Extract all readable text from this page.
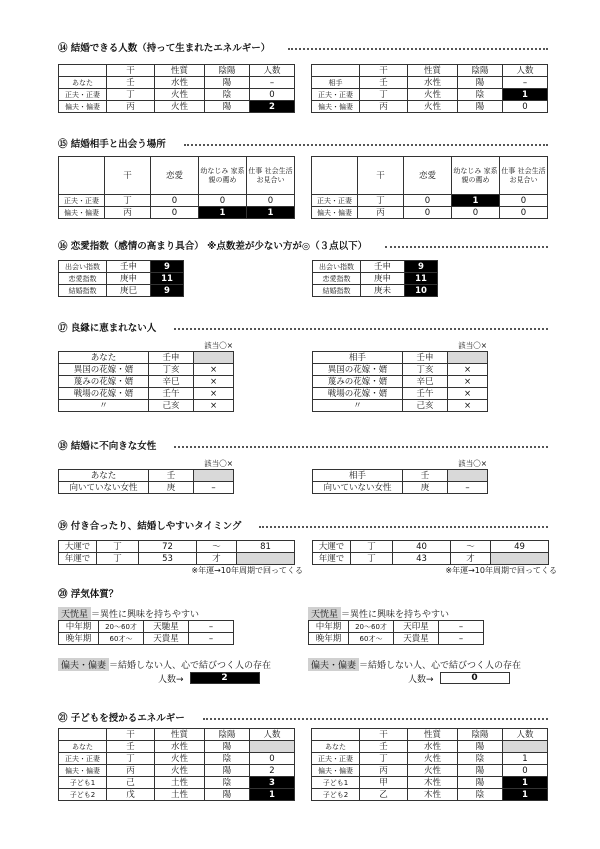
⑭ 結婚できる人数（持って生まれたエネルギー）
	干	性質	陰陽	人数
あなた	壬	水性	陽	–
正夫・正妻	丁	火性	陰	0
偏夫・偏妻	丙	火性	陽	2
	干	性質	陰陽	人数
相手	壬	水性	陽	–
正夫・正妻	丁	火性	陰	1
偏夫・偏妻	丙	火性	陽	0
⑮ 結婚相手と出会う場所
	干	恋愛	幼なじみ 家系 親の薦め	仕事 社会生活 お見合い
正夫・正妻	丁	0	0	0
偏夫・偏妻	丙	0	1	1
	干	恋愛	幼なじみ 家系 親の薦め	仕事 社会生活 お見合い
正夫・正妻	丁	0	1	0
偏夫・偏妻	丙	0	0	0
⑯ 恋愛指数（感情の高まり具合） ※点数差が少ない方が◎（３点以下）
出会い指数	壬申	9
恋愛指数	庚申	11
結婚指数	庚巳	9
出会い指数	壬申	9
恋愛指数	庚申	11
結婚指数	庚未	10
⑰ 良縁に恵まれない人
該当〇×
あなた	壬申	
異国の花嫁・婿	丁亥	×
蔑みの花嫁・婿	辛巳	×
戦場の花嫁・婿	壬午	×
〃	己亥	×
該当〇×
相手	壬申	
異国の花嫁・婿	丁亥	×
蔑みの花嫁・婿	辛巳	×
戦場の花嫁・婿	壬午	×
〃	己亥	×
⑱ 結婚に不向きな女性
該当〇×
あなた	壬	
向いていない女性	庚	–
該当〇×
相手	壬	
向いていない女性	庚	–
⑲ 付き合ったり、結婚しやすいタイミング
大運で	丁	72	〜	81
年運で	丁	53	才	
※年運→10年周期で回ってくる
大運で	丁	40	〜	49
年運で	丁	43	才	
※年運→10年周期で回ってくる
⑳ 浮気体質？
天恍星 ＝異性に興味を持ちやすい
中年期	20〜60才	天馳星	–
晩年期	60才〜	天貴星	–
偏夫・偏妻 ＝結婚しない人、心で結びつく人の存在
人数→	2
天恍星 ＝異性に興味を持ちやすい
中年期	20〜60才	天印星	–
晩年期	60才〜	天貴星	–
偏夫・偏妻 ＝結婚しない人、心で結びつく人の存在
人数→	0
㉑ 子どもを授かるエネルギー
	干	性質	陰陽	人数
あなた	壬	水性	陽	
正夫・正妻	丁	火性	陰	0
偏夫・偏妻	丙	火性	陽	2
子ども1	己	土性	陰	3
子ども2	戊	土性	陽	1
	干	性質	陰陽	人数
あなた	壬	水性	陽	
正夫・正妻	丁	火性	陰	1
偏夫・偏妻	丙	火性	陽	0
子ども1	甲	木性	陽	1
子ども2	乙	木性	陰	1
